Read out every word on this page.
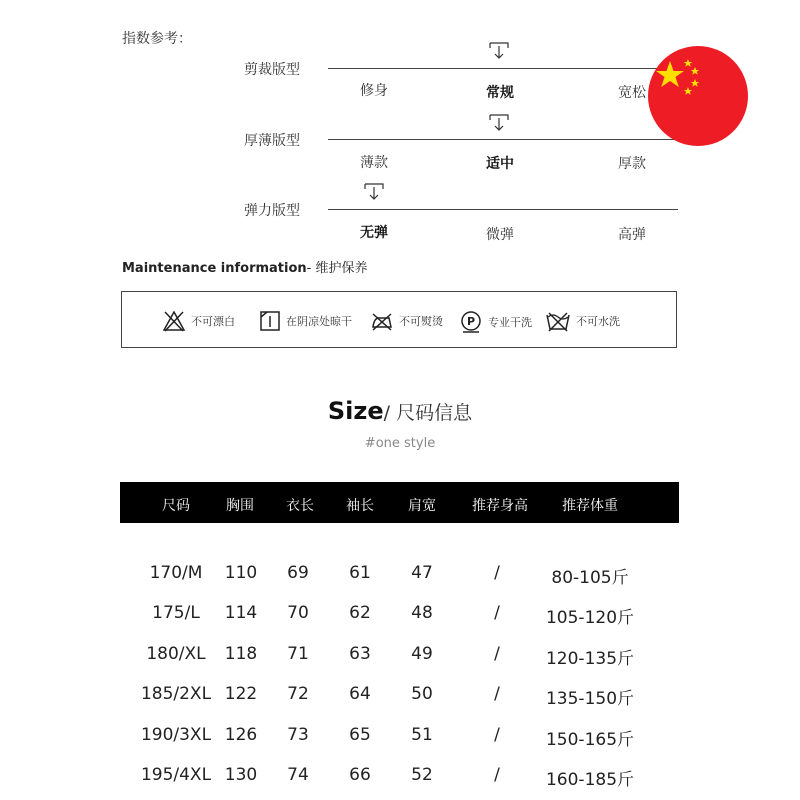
指数参考：
剪裁版型
修身	常规	宽松
厚薄版型
薄款	适中	厚款
弹力版型
无弹	微弹	高弹
Maintenance information- 维护保养
不可漂白	在阴凉处晾干	不可熨烫 P 专业干洗	不可水洗
Size/ 尺码信息
#one style
尺码	胸围	衣长	袖长	肩宽	推荐身高	推荐体重
170/M	110	69	61	47	/	80-105斤
175/L	114	70	62	48	/	105-120斤
180/XL	118	71	63	49	/	120-135斤
185/2XL 122	72	64	50	/	135-150斤
190/3XL 126	73	65	51	/	150-165斤
195/4XL 130	74	66	52	/	160-185斤
